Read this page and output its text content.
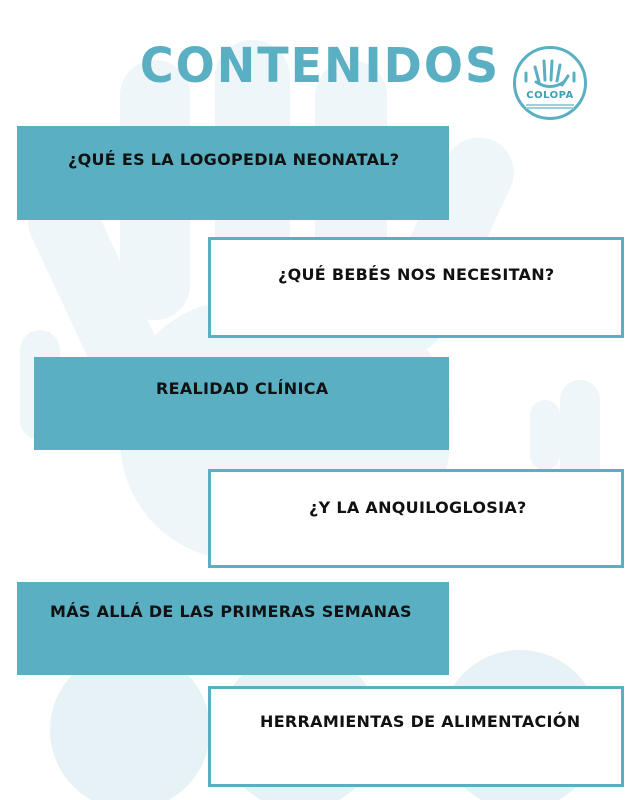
CONTENIDOS
COLOPA
¿QUÉ ES LA LOGOPEDIA NEONATAL?
¿QUÉ BEBÉS NOS NECESITAN?
REALIDAD CLÍNICA
¿Y LA ANQUILOGLOSIA?
MÁS ALLÁ DE LAS PRIMERAS SEMANAS
HERRAMIENTAS DE ALIMENTACIÓN
